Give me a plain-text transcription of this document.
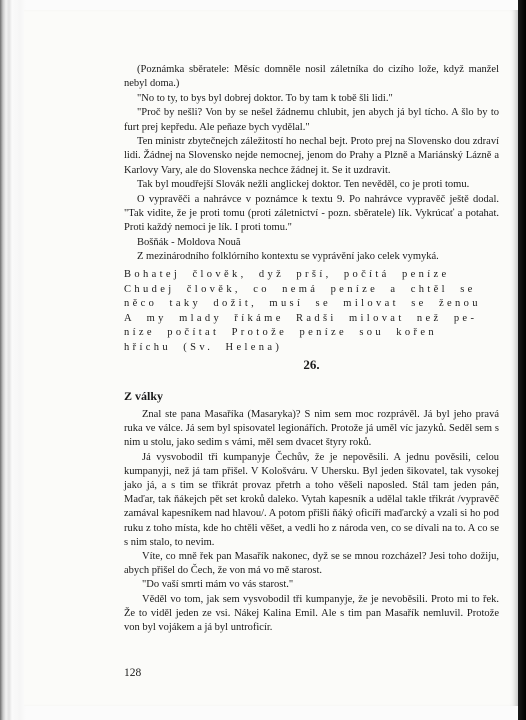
(Poznámka sběratele: Měsíc domněle nosil záletníka do cizího lože, když manžel nebyl doma.)

"No to ty, to bys byl dobrej doktor. To by tam k tobě šli lidi."

"Proč by nešli? Von by se nešel žádnemu chlubit, jen abych já byl tícho. A šlo by to furt prej kepředu. Ale peňaze bych vydělal."

Ten ministr zbytečnejch záležitostí ho nechal bejt. Proto prej na Slovensko dou zdraví lidi. Žádnej na Slovensko nejde nemocnej, jenom do Prahy a Plzně a Mariánský Lázně a Karlovy Vary, ale do Slovenska nechce žádnej it. Se it uzdravit.

Tak byl moudřejší Slovák nežli anglickej doktor. Ten nevěděl, co je proti tomu.

O vypravěči a nahrávce v poznámce k textu 9. Po nahrávce vypravěč ještě dodal. "Tak vidite, že je proti tomu (proti záletnictví - pozn. sběratele) lík. Vykrúcať a potahat. Proti každý nemoci je lík. I proti tomu."

Bošňák - Moldova Nouă

Z mezinárodního folklórního kontextu se vyprávění jako celek vymyká.

Bohatej člověk, dyž prší, počítá peníze

Chudej člověk, co nemá peníze a chtěl se

něco taky dožit, musí se milovat se ženou

A my mlady říkáme Radši milovat než pe-

níze počítat Protože peníze sou kořen

hříchu (Sv. Helena)

26.
Z války

Znal ste pana Masaříka (Masaryka)? S nim sem moc rozprávěl. Já byl jeho pravá ruka ve válce. Já sem byl spisovatel legionářích. Protože já uměl víc jazyků. Seděl sem s nim u stolu, jako sedim s vámi, měl sem dvacet štyry roků.

Já vysvobodil tři kumpanyje Čechův, že je nepověsili. A jednu pověsili, celou kumpanyji, než já tam přišel. V Kološváru. V Uhersku. Byl jeden šikovatel, tak vysokej jako já, a s tim se třikrát provaz přetrh a toho věšeli naposled. Stál tam jeden pán, Maďar, tak ňákejch pět set kroků daleko. Vytah kapesník a udělal takle třikrát /vypravěč zamával kapesníkem nad hlavou/. A potom přišli ňáký oficíři maďarcký a vzali si ho pod ruku z toho místa, kde ho chtěli věšet, a vedli ho z národa ven, co se dívali na to. A co se s nim stalo, to nevim.

Víte, co mně řek pan Masařík nakonec, dyž se se mnou rozcházel? Jesi toho dožiju, abych přišel do Čech, že von má vo mě starost.

"Do vaší smrti mám vo vás starost."

Věděl vo tom, jak sem vysvobodil tři kumpanyje, že je nevoběsili. Proto mi to řek. Že to viděl jeden ze vsi. Nákej Kalina Emil. Ale s tim pan Masařík nemluvil. Protože von byl vojákem a já byl untroficír.

128
